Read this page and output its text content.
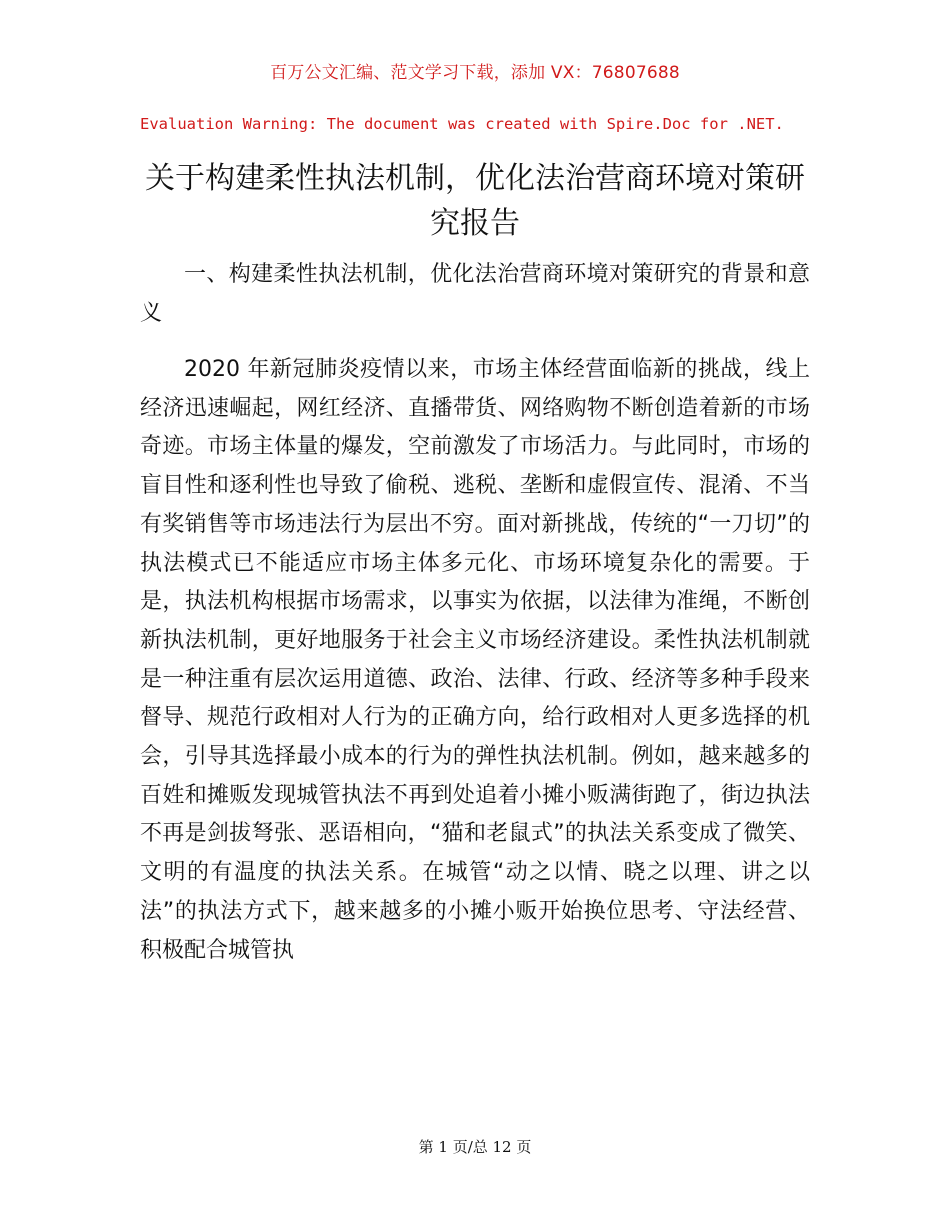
百万公文汇编、范文学习下载，添加 VX：76807688
Evaluation Warning: The document was created with Spire.Doc for .NET.
关于构建柔性执法机制，优化法治营商环境对策研究报告

一、构建柔性执法机制，优化法治营商环境对策研究的背景和意义

2020 年新冠肺炎疫情以来，市场主体经营面临新的挑战，线上经济迅速崛起，网红经济、直播带货、网络购物不断创造着新的市场奇迹。市场主体量的爆发，空前激发了市场活力。与此同时，市场的盲目性和逐利性也导致了偷税、逃税、垄断和虚假宣传、混淆、不当有奖销售等市场违法行为层出不穷。面对新挑战，传统的“一刀切”的执法模式已不能适应市场主体多元化、市场环境复杂化的需要。于是，执法机构根据市场需求，以事实为依据，以法律为准绳，不断创新执法机制，更好地服务于社会主义市场经济建设。柔性执法机制就是一种注重有层次运用道德、政治、法律、行政、经济等多种手段来督导、规范行政相对人行为的正确方向，给行政相对人更多选择的机会，引导其选择最小成本的行为的弹性执法机制。例如，越来越多的百姓和摊贩发现城管执法不再到处追着小摊小贩满街跑了，街边执法不再是剑拔弩张、恶语相向，“猫和老鼠式”的执法关系变成了微笑、文明的有温度的执法关系。在城管“动之以情、晓之以理、讲之以法”的执法方式下，越来越多的小摊小贩开始换位思考、守法经营、积极配合城管执

第 1 页/总 12 页
